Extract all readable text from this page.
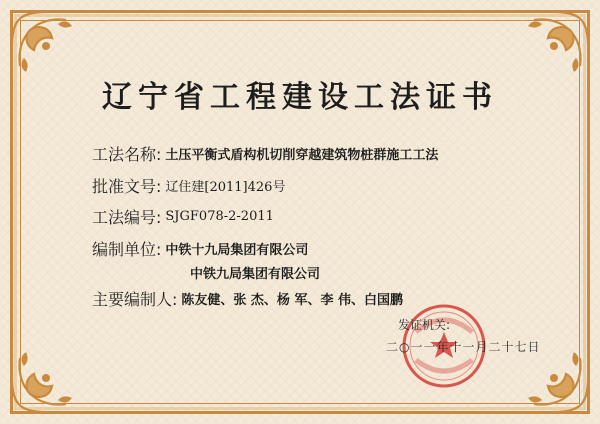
辽宁省工程建设工法证书
工法名称: 土压平衡式盾构机切削穿越建筑物桩群施工工法
批准文号: 辽住建[2011]426号
工法编号: SJGF078-2-2011
编制单位: 中铁十九局集团有限公司
中铁九局集团有限公司
主要编制人: 陈友健、张 杰、杨 军、李 伟、白国鹏
发证机关:
二○一一年十一月二十七日
